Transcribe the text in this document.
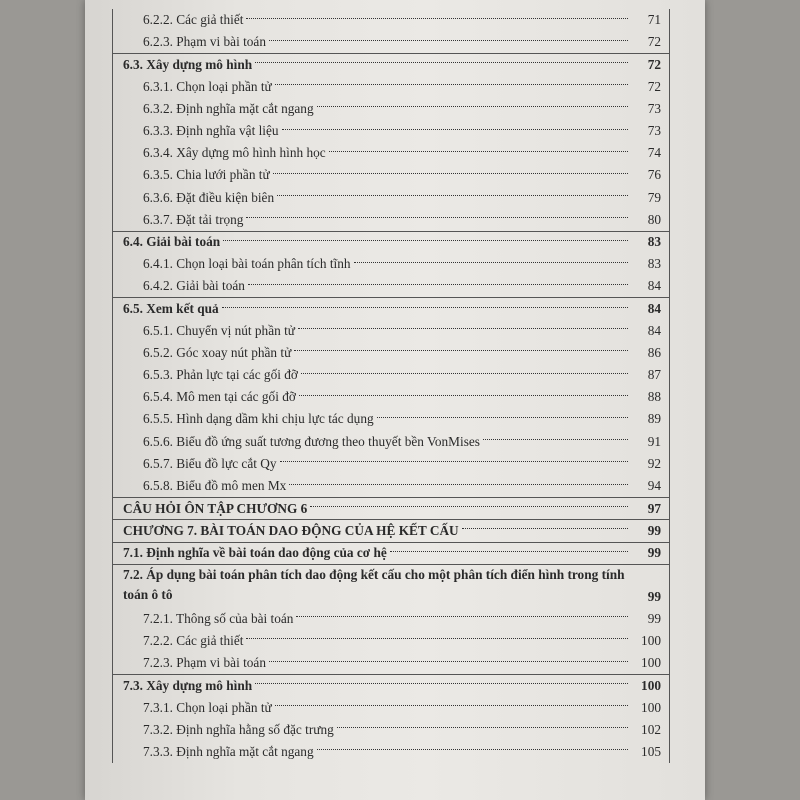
6.2.2. Các giả thiết	71
6.2.3. Phạm vi bài toán	72
6.3. Xây dựng mô hình	72
6.3.1. Chọn loại phần tử	72
6.3.2. Định nghĩa mặt cắt ngang	73
6.3.3. Định nghĩa vật liệu	73
6.3.4. Xây dựng mô hình hình học	74
6.3.5. Chia lưới phần tử	76
6.3.6. Đặt điều kiện biên	79
6.3.7. Đặt tải trọng	80
6.4. Giải bài toán	83
6.4.1. Chọn loại bài toán phân tích tĩnh	83
6.4.2. Giải bài toán	84
6.5. Xem kết quả	84
6.5.1. Chuyển vị nút phần tử	84
6.5.2. Góc xoay nút phần tử	86
6.5.3. Phản lực tại các gối đỡ	87
6.5.4. Mô men tại các gối đỡ	88
6.5.5. Hình dạng dầm khi chịu lực tác dụng	89
6.5.6. Biểu đồ ứng suất tương đương theo thuyết bền VonMises	91
6.5.7. Biểu đồ lực cắt Qy	92
6.5.8. Biểu đồ mô men Mx	94
CÂU HỎI ÔN TẬP CHƯƠNG 6	97
CHƯƠNG 7. BÀI TOÁN DAO ĐỘNG CỦA HỆ KẾT CẤU	99
7.1. Định nghĩa về bài toán dao động của cơ hệ	99
7.2. Áp dụng bài toán phân tích dao động kết cấu cho một phân tích điển hình trong tính toán ô tô	99
7.2.1. Thông số của bài toán	99
7.2.2. Các giả thiết	100
7.2.3. Phạm vi bài toán	100
7.3. Xây dựng mô hình	100
7.3.1. Chọn loại phần tử	100
7.3.2. Định nghĩa hằng số đặc trưng	102
7.3.3. Định nghĩa mặt cắt ngang	105
